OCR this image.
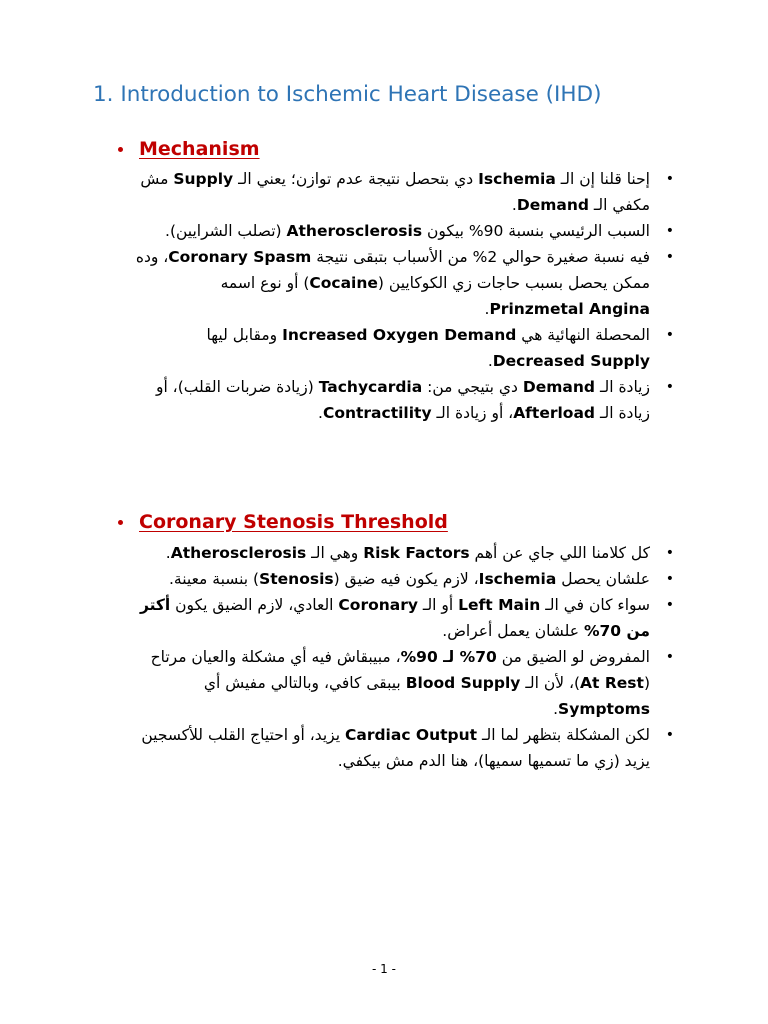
1. Introduction to Ischemic Heart Disease (IHD)
Mechanism
•
إحنا قلنا إن الـ Ischemia دي بتحصل نتيجة عدم توازن؛ يعني الـ Supply مش مكفي الـ Demand.
•
السبب الرئيسي بنسبة 90% بيكون Atherosclerosis (تصلب الشرايين).
•
فيه نسبة صغيرة حوالي 2% من الأسباب بتبقى نتيجة Coronary Spasm، وده ممكن يحصل بسبب حاجات زي الكوكايين (Cocaine) أو نوع اسمه Prinzmetal Angina.
•
المحصلة النهائية هي Increased Oxygen Demand ومقابل ليها Decreased Supply.
•
زيادة الـ Demand دي بتيجي من: Tachycardia (زيادة ضربات القلب)، أو زيادة الـ Afterload، أو زيادة الـ Contractility.
Coronary Stenosis Threshold
•
كل كلامنا اللي جاي عن أهم Risk Factors وهي الـ Atherosclerosis.
•
علشان يحصل Ischemia، لازم يكون فيه ضيق (Stenosis) بنسبة معينة.
•
سواء كان في الـ Left Main أو الـ Coronary العادي، لازم الضيق يكون أكتر من 70% علشان يعمل أعراض.
•
المفروض لو الضيق من 70% لـ 90%، مبيبقاش فيه أي مشكلة والعيان مرتاح (At Rest)، لأن الـ Blood Supply بيبقى كافي، وبالتالي مفيش أي Symptoms.
•
لكن المشكلة بتظهر لما الـ Cardiac Output يزيد، أو احتياج القلب للأكسجين يزيد (زي ما تسميها سميها)، هنا الدم مش بيكفي.
- 1 -
